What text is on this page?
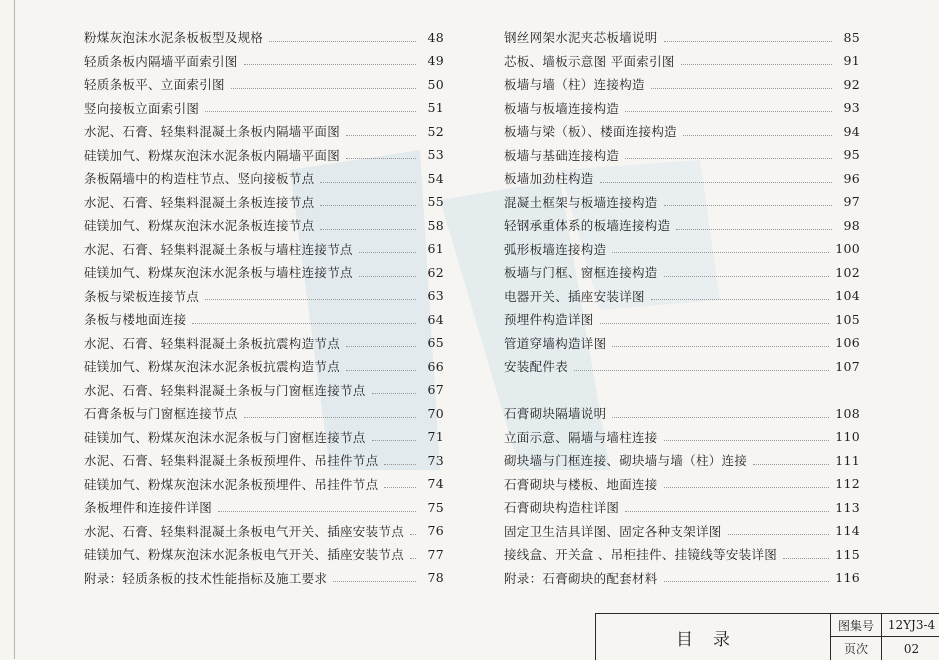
粉煤灰泡沫水泥条板板型及规格	48
轻质条板内隔墙平面索引图	49
轻质条板平、立面索引图	50
竖向接板立面索引图	51
水泥、石膏、轻集料混凝土条板内隔墙平面图	52
硅镁加气、粉煤灰泡沫水泥条板内隔墙平面图	53
条板隔墙中的构造柱节点、竖向接板节点	54
水泥、石膏、轻集料混凝土条板连接节点	55
硅镁加气、粉煤灰泡沫水泥条板连接节点	58
水泥、石膏、轻集料混凝土条板与墙柱连接节点	61
硅镁加气、粉煤灰泡沫水泥条板与墙柱连接节点	62
条板与梁板连接节点	63
条板与楼地面连接	64
水泥、石膏、轻集料混凝土条板抗震构造节点	65
硅镁加气、粉煤灰泡沫水泥条板抗震构造节点	66
水泥、石膏、轻集料混凝土条板与门窗框连接节点	67
石膏条板与门窗框连接节点	70
硅镁加气、粉煤灰泡沫水泥条板与门窗框连接节点	71
水泥、石膏、轻集料混凝土条板预埋件、吊挂件节点	73
硅镁加气、粉煤灰泡沫水泥条板预埋件、吊挂件节点	74
条板埋件和连接件详图	75
水泥、石膏、轻集料混凝土条板电气开关、插座安装节点	76
硅镁加气、粉煤灰泡沫水泥条板电气开关、插座安装节点	77
附录：轻质条板的技术性能指标及施工要求	78
钢丝网架水泥夹芯板墙说明	85
芯板、墙板示意图 平面索引图	91
板墙与墙（柱）连接构造	92
板墙与板墙连接构造	93
板墙与梁（板）、楼面连接构造	94
板墙与基础连接构造	95
板墙加劲柱构造	96
混凝土框架与板墙连接构造	97
轻钢承重体系的板墙连接构造	98
弧形板墙连接构造	100
板墙与门框、窗框连接构造	102
电器开关、插座安装详图	104
预埋件构造详图	105
管道穿墙构造详图	106
安装配件表	107
石膏砌块隔墙说明	108
立面示意、隔墙与墙柱连接	110
砌块墙与门框连接、砌块墙与墙（柱）连接	111
石膏砌块与楼板、地面连接	112
石膏砌块构造柱详图	113
固定卫生洁具详图、固定各种支架详图	114
接线盒、开关盒 、吊柜挂件、挂镜线等安装详图	115
附录：石膏砌块的配套材料	116
目录
图集号	12YJ3-4
页次	02
